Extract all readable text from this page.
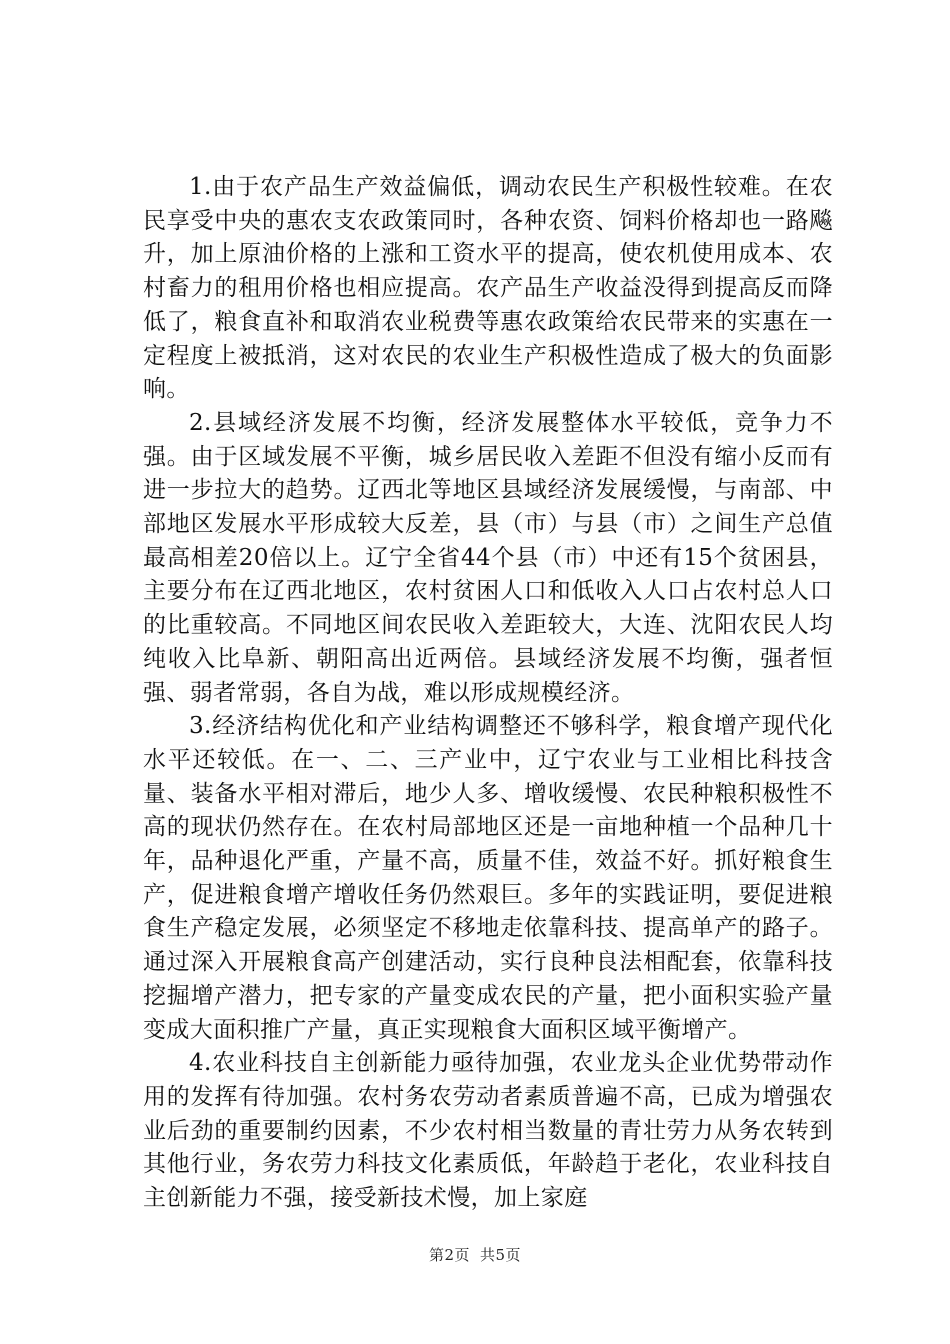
1.由于农产品生产效益偏低，调动农民生产积极性较难。在农民享受中央的惠农支农政策同时，各种农资、饲料价格却也一路飚升，加上原油价格的上涨和工资水平的提高，使农机使用成本、农村畜力的租用价格也相应提高。农产品生产收益没得到提高反而降低了，粮食直补和取消农业税费等惠农政策给农民带来的实惠在一定程度上被抵消，这对农民的农业生产积极性造成了极大的负面影响。

2.县域经济发展不均衡，经济发展整体水平较低，竞争力不强。由于区域发展不平衡，城乡居民收入差距不但没有缩小反而有进一步拉大的趋势。辽西北等地区县域经济发展缓慢，与南部、中部地区发展水平形成较大反差，县（市）与县（市）之间生产总值最高相差20倍以上。辽宁全省44个县（市）中还有15个贫困县，主要分布在辽西北地区，农村贫困人口和低收入人口占农村总人口的比重较高。不同地区间农民收入差距较大，大连、沈阳农民人均纯收入比阜新、朝阳高出近两倍。县域经济发展不均衡，强者恒强、弱者常弱，各自为战，难以形成规模经济。

3.经济结构优化和产业结构调整还不够科学，粮食增产现代化水平还较低。在一、二、三产业中，辽宁农业与工业相比科技含量、装备水平相对滞后，地少人多、增收缓慢、农民种粮积极性不高的现状仍然存在。在农村局部地区还是一亩地种植一个品种几十年，品种退化严重，产量不高，质量不佳，效益不好。抓好粮食生产，促进粮食增产增收任务仍然艰巨。多年的实践证明，要促进粮食生产稳定发展，必须坚定不移地走依靠科技、提高单产的路子。通过深入开展粮食高产创建活动，实行良种良法相配套，依靠科技挖掘增产潜力，把专家的产量变成农民的产量，把小面积实验产量变成大面积推广产量，真正实现粮食大面积区域平衡增产。

4.农业科技自主创新能力亟待加强，农业龙头企业优势带动作用的发挥有待加强。农村务农劳动者素质普遍不高，已成为增强农业后劲的重要制约因素，不少农村相当数量的青壮劳力从务农转到其他行业，务农劳力科技文化素质低，年龄趋于老化，农业科技自主创新能力不强，接受新技术慢，加上家庭

第2页 共5页
